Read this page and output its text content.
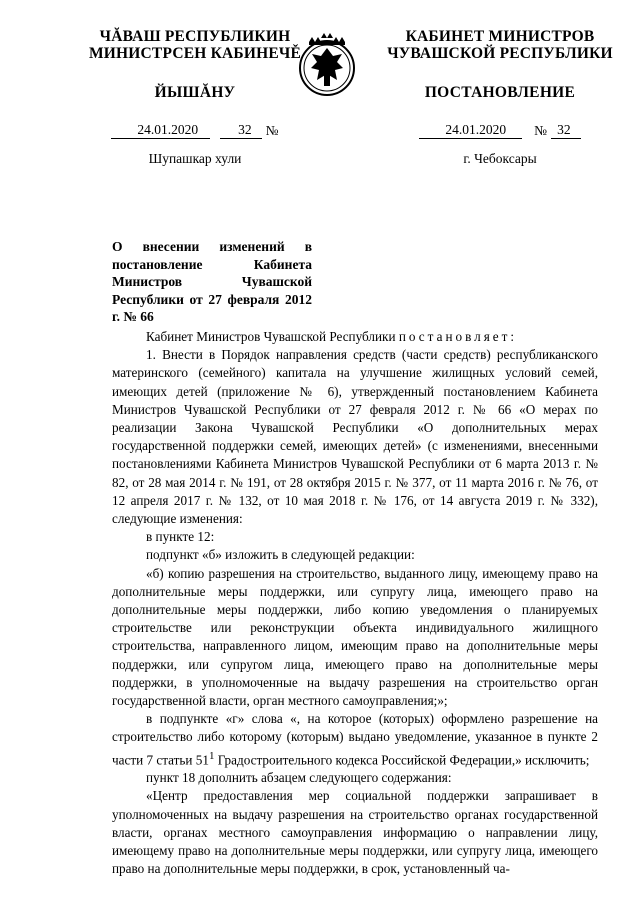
ЧĂВАШ РЕСПУБЛИКИН
МИНИСТРСЕН КАБИНЕЧĚ
ЙЫШĂНУ
24.01.2020	32	№
Шупашкар хули
КАБИНЕТ МИНИСТРОВ
ЧУВАШСКОЙ РЕСПУБЛИКИ
ПОСТАНОВЛЕНИЕ
24.01.2020	№ 32
г. Чебоксары
О внесении изменений в постановление Кабинета Министров Чувашской Республики от 27 февраля 2012 г. № 66

Кабинет Министров Чувашской Республики постановляет:

1. Внести в Порядок направления средств (части средств) республиканского материнского (семейного) капитала на улучшение жилищных условий семей, имеющих детей (приложение № 6), утвержденный постановлением Кабинета Министров Чувашской Республики от 27 февраля 2012 г. № 66 «О мерах по реализации Закона Чувашской Республики «О дополнительных мерах государственной поддержки семей, имеющих детей» (с изменениями, внесенными постановлениями Кабинета Министров Чувашской Республики от 6 марта 2013 г. № 82, от 28 мая 2014 г. № 191, от 28 октября 2015 г. № 377, от 11 марта 2016 г. № 76, от 12 апреля 2017 г. № 132, от 10 мая 2018 г. № 176, от 14 августа 2019 г. № 332), следующие изменения:

в пункте 12:

подпункт «б» изложить в следующей редакции:

«б) копию разрешения на строительство, выданного лицу, имеющему право на дополнительные меры поддержки, или супругу лица, имеющего право на дополнительные меры поддержки, либо копию уведомления о планируемых строительстве или реконструкции объекта индивидуального жилищного строительства, направленного лицом, имеющим право на дополнительные меры поддержки, или супругом лица, имеющего право на дополнительные меры поддержки, в уполномоченные на выдачу разрешения на строительство орган государственной власти, орган местного самоуправления;»;

в подпункте «г» слова «, на которое (которых) оформлено разрешение на строительство либо которому (которым) выдано уведомление, указанное в пункте 2 части 7 статьи $51^1$ Градостроительного кодекса Российской Федерации,» исключить;

пункт 18 дополнить абзацем следующего содержания:

«Центр предоставления мер социальной поддержки запрашивает в уполномоченных на выдачу разрешения на строительство органах государственной власти, органах местного самоуправления информацию о направлении лицу, имеющему право на дополнительные меры поддержки, или супругу лица, имеющего право на дополнительные меры поддержки, в срок, установленный ча-
